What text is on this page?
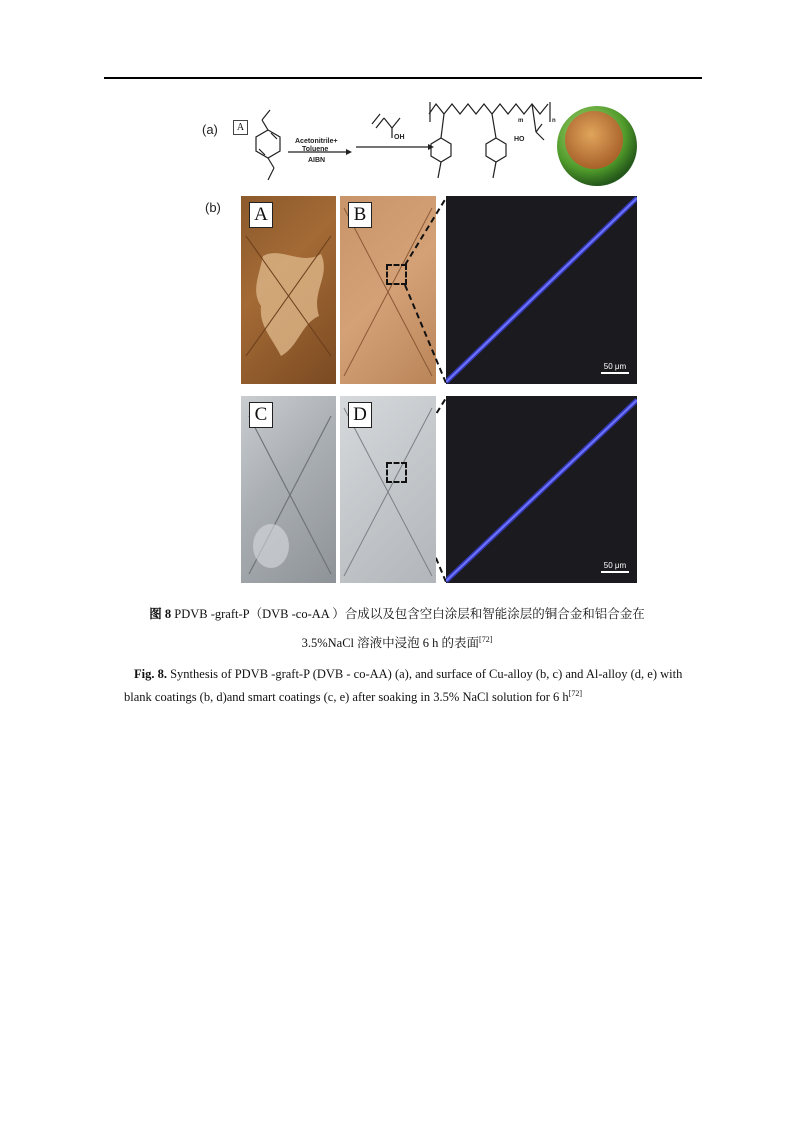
(a)	A
Acetonitrile+
Toluene
AIBN
OH	HO
m	n
(b) A	B
50 μm
C	D
50 μm
图 8 PDVB -graft-P（DVB -co-AA ）合成以及包含空白涂层和智能涂层的铜合金和铝合金在
3.5%NaCl 溶液中浸泡 6 h 的表面[72]
Fig. 8. Synthesis of PDVB -graft-P (DVB - co-AA) (a), and surface of Cu-alloy (b, c) and Al-alloy (d, e) with blank coatings (b, d)and smart coatings (c, e) after soaking in 3.5% NaCl solution for 6 h[72]
